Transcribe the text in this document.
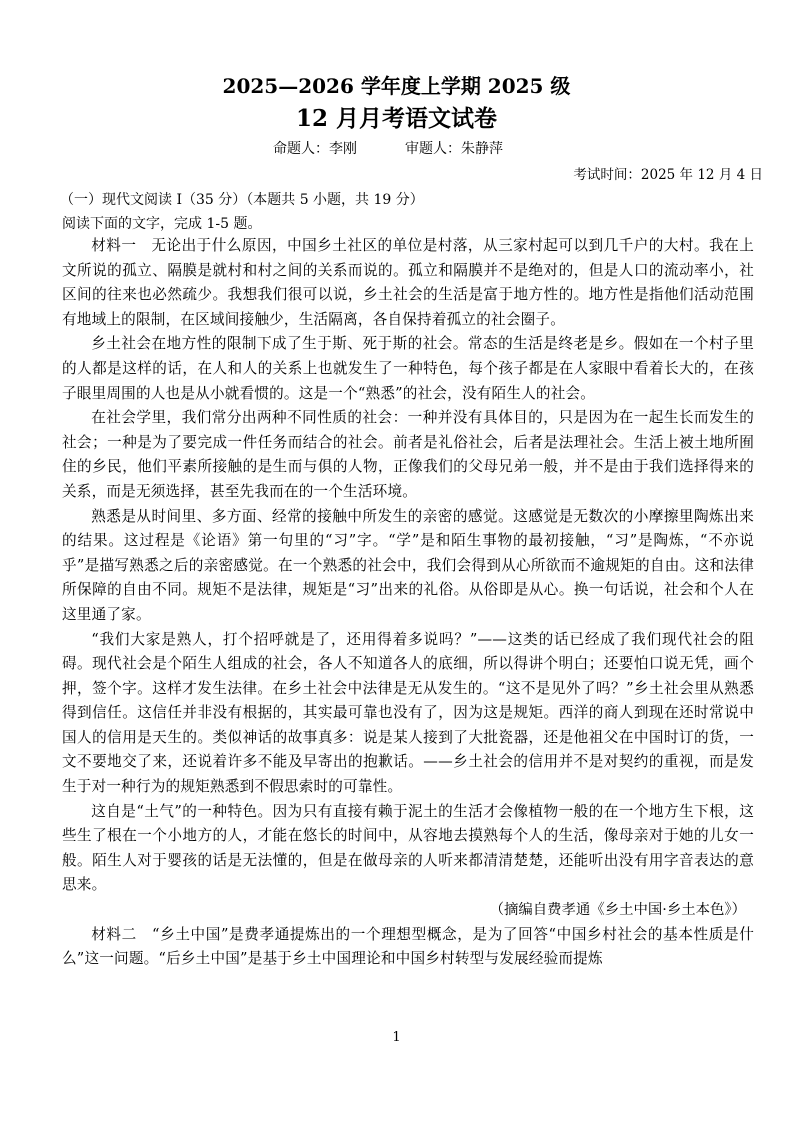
2025—2026 学年度上学期 2025 级
12 月月考语文试卷
命题人：李刚	审题人：朱静萍
考试时间：2025 年 12 月 4 日
（一）现代文阅读 I（35 分）（本题共 5 小题，共 19 分）
阅读下面的文字，完成 1-5 题。

材料一　无论出于什么原因，中国乡土社区的单位是村落，从三家村起可以到几千户的大村。我在上文所说的孤立、隔膜是就村和村之间的关系而说的。孤立和隔膜并不是绝对的，但是人口的流动率小，社区间的往来也必然疏少。我想我们很可以说，乡土社会的生活是富于地方性的。地方性是指他们活动范围有地域上的限制，在区域间接触少，生活隔离，各自保持着孤立的社会圈子。

乡土社会在地方性的限制下成了生于斯、死于斯的社会。常态的生活是终老是乡。假如在一个村子里的人都是这样的话，在人和人的关系上也就发生了一种特色，每个孩子都是在人家眼中看着长大的，在孩子眼里周围的人也是从小就看惯的。这是一个“熟悉”的社会，没有陌生人的社会。

在社会学里，我们常分出两种不同性质的社会：一种并没有具体目的，只是因为在一起生长而发生的社会；一种是为了要完成一件任务而结合的社会。前者是礼俗社会，后者是法理社会。生活上被土地所囿住的乡民，他们平素所接触的是生而与俱的人物，正像我们的父母兄弟一般，并不是由于我们选择得来的关系，而是无须选择，甚至先我而在的一个生活环境。

熟悉是从时间里、多方面、经常的接触中所发生的亲密的感觉。这感觉是无数次的小摩擦里陶炼出来的结果。这过程是《论语》第一句里的“习”字。“学”是和陌生事物的最初接触，“习”是陶炼，“不亦说乎”是描写熟悉之后的亲密感觉。在一个熟悉的社会中，我们会得到从心所欲而不逾规矩的自由。这和法律所保障的自由不同。规矩不是法律，规矩是“习”出来的礼俗。从俗即是从心。换一句话说，社会和个人在这里通了家。

“我们大家是熟人，打个招呼就是了，还用得着多说吗？”——这类的话已经成了我们现代社会的阻碍。现代社会是个陌生人组成的社会，各人不知道各人的底细，所以得讲个明白；还要怕口说无凭，画个押，签个字。这样才发生法律。在乡土社会中法律是无从发生的。“这不是见外了吗？”乡土社会里从熟悉得到信任。这信任并非没有根据的，其实最可靠也没有了，因为这是规矩。西洋的商人到现在还时常说中国人的信用是天生的。类似神话的故事真多：说是某人接到了大批瓷器，还是他祖父在中国时订的货，一文不要地交了来，还说着许多不能及早寄出的抱歉话。——乡土社会的信用并不是对契约的重视，而是发生于对一种行为的规矩熟悉到不假思索时的可靠性。

这自是“土气”的一种特色。因为只有直接有赖于泥土的生活才会像植物一般的在一个地方生下根，这些生了根在一个小地方的人，才能在悠长的时间中，从容地去摸熟每个人的生活，像母亲对于她的儿女一般。陌生人对于婴孩的话是无法懂的，但是在做母亲的人听来都清清楚楚，还能听出没有用字音表达的意思来。

（摘编自费孝通《乡土中国·乡土本色》）

材料二　“乡土中国”是费孝通提炼出的一个理想型概念，是为了回答“中国乡村社会的基本性质是什么”这一问题。“后乡土中国”是基于乡土中国理论和中国乡村转型与发展经验而提炼

1
